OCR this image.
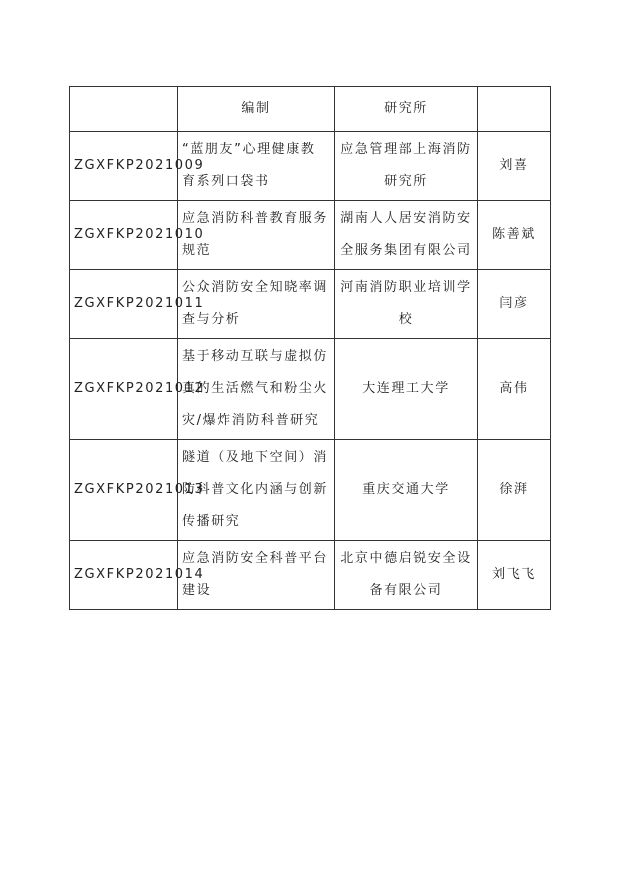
	编制	研究所	
ZGXFKP2021009	“蓝朋友”心理健康教育系列口袋书	应急管理部上海消防研究所	刘喜
ZGXFKP2021010	应急消防科普教育服务规范	湖南人人居安消防安全服务集团有限公司	陈善斌
ZGXFKP2021011	公众消防安全知晓率调查与分析	河南消防职业培训学校	闫彦
ZGXFKP2021012	基于移动互联与虚拟仿真的生活燃气和粉尘火灾/爆炸消防科普研究	大连理工大学	高伟
ZGXFKP2021013	隧道（及地下空间）消防科普文化内涵与创新传播研究	重庆交通大学	徐湃
ZGXFKP2021014	应急消防安全科普平台建设	北京中德启锐安全设备有限公司	刘飞飞
